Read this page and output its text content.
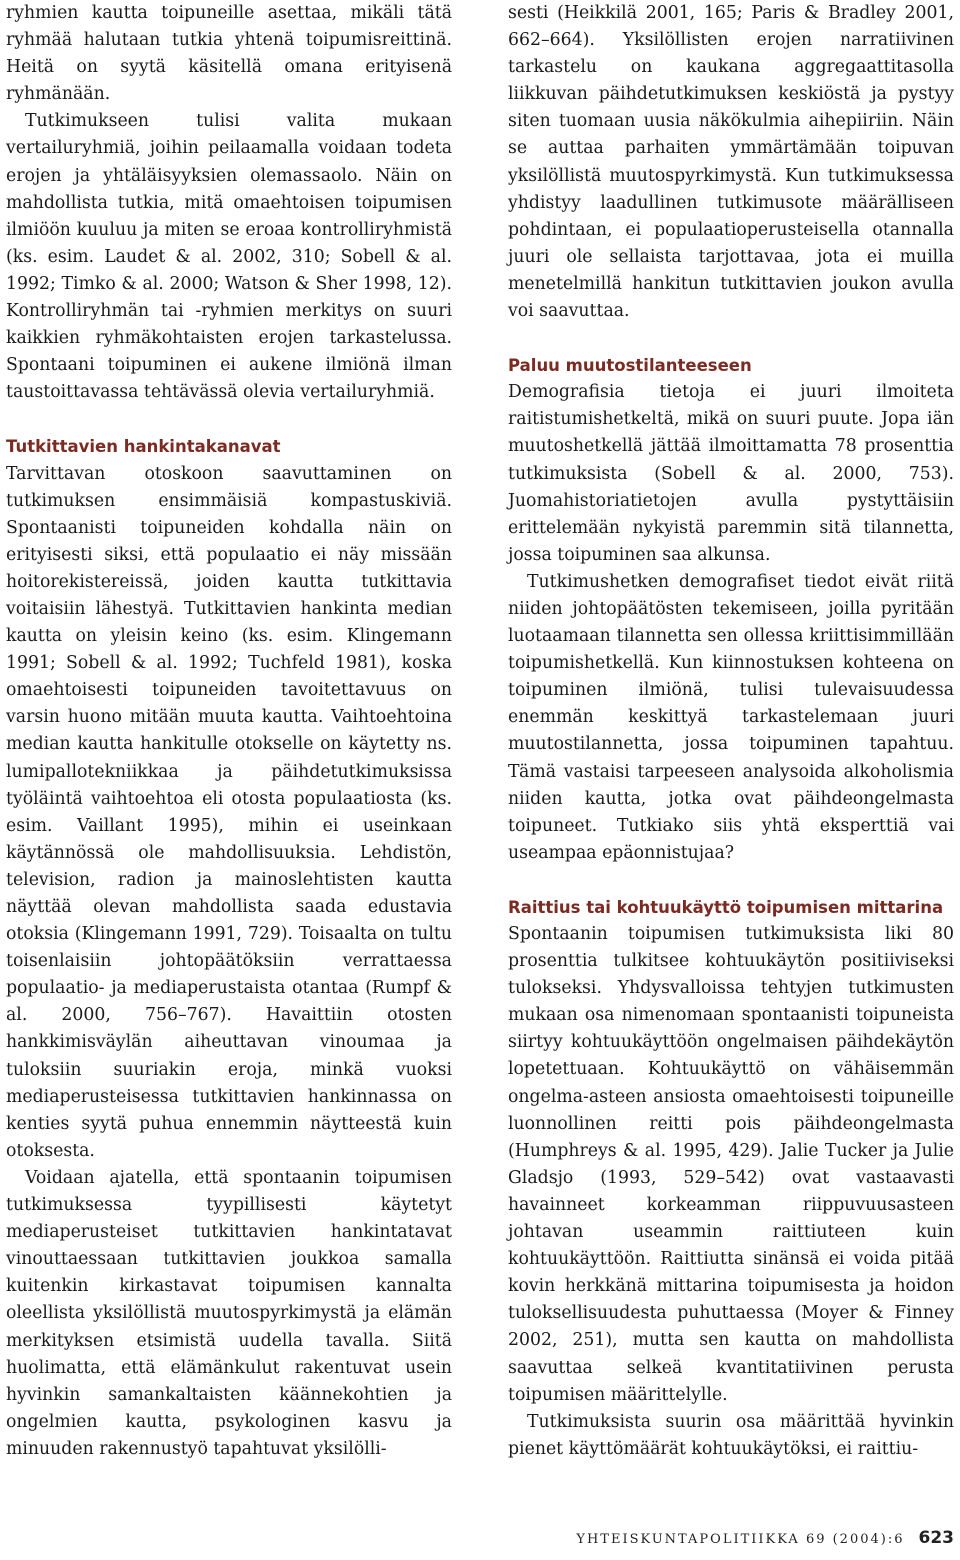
ryhmien kautta toipuneille asettaa, mikäli tätä ryhmää halutaan tutkia yhtenä toipumisreittinä. Heitä on syytä käsitellä omana erityisenä ryhmänään.

Tutkimukseen tulisi valita mukaan vertailuryhmiä, joihin peilaamalla voidaan todeta erojen ja yhtäläisyyksien olemassaolo. Näin on mahdollista tutkia, mitä omaehtoisen toipumisen ilmiöön kuuluu ja miten se eroaa kontrolliryhmistä (ks. esim. Laudet & al. 2002, 310; Sobell & al. 1992; Timko & al. 2000; Watson & Sher 1998, 12). Kontrolliryhmän tai -ryhmien merkitys on suuri kaikkien ryhmäkohtaisten erojen tarkastelussa. Spontaani toipuminen ei aukene ilmiönä ilman taustoittavassa tehtävässä olevia vertailuryhmiä.

Tutkittavien hankintakanavat

Tarvittavan otoskoon saavuttaminen on tutkimuksen ensimmäisiä kompastuskiviä. Spontaanisti toipuneiden kohdalla näin on erityisesti siksi, että populaatio ei näy missään hoitorekistereissä, joiden kautta tutkittavia voitaisiin lähestyä. Tutkittavien hankinta median kautta on yleisin keino (ks. esim. Klingemann 1991; Sobell & al. 1992; Tuchfeld 1981), koska omaehtoisesti toipuneiden tavoitettavuus on varsin huono mitään muuta kautta. Vaihtoehtoina median kautta hankitulle otokselle on käytetty ns. lumipallotekniikkaa ja päihdetutkimuksissa työläintä vaihtoehtoa eli otosta populaatiosta (ks. esim. Vaillant 1995), mihin ei useinkaan käytännössä ole mahdollisuuksia. Lehdistön, television, radion ja mainoslehtisten kautta näyttää olevan mahdollista saada edustavia otoksia (Klingemann 1991, 729). Toisaalta on tultu toisenlaisiin johtopäätöksiin verrattaessa populaatio- ja mediaperustaista otantaa (Rumpf & al. 2000, 756–767). Havaittiin otosten hankkimisväylän aiheuttavan vinoumaa ja tuloksiin suuriakin eroja, minkä vuoksi mediaperusteisessa tutkittavien hankinnassa on kenties syytä puhua ennemmin näytteestä kuin otoksesta.

Voidaan ajatella, että spontaanin toipumisen tutkimuksessa tyypillisesti käytetyt mediaperusteiset tutkittavien hankintatavat vinouttaessaan tutkittavien joukkoa samalla kuitenkin kirkastavat toipumisen kannalta oleellista yksilöllistä muutospyrkimystä ja elämän merkityksen etsimistä uudella tavalla. Siitä huolimatta, että elämänkulut rakentuvat usein hyvinkin samankaltaisten käännekohtien ja ongelmien kautta, psykologinen kasvu ja minuuden rakennustyö tapahtuvat yksilölli-

sesti (Heikkilä 2001, 165; Paris & Bradley 2001, 662–664). Yksilöllisten erojen narratiivinen tarkastelu on kaukana aggregaattitasolla liikkuvan päihdetutkimuksen keskiöstä ja pystyy siten tuomaan uusia näkökulmia aihepiiriin. Näin se auttaa parhaiten ymmärtämään toipuvan yksilöllistä muutospyrkimystä. Kun tutkimuksessa yhdistyy laadullinen tutkimusote määrälliseen pohdintaan, ei populaatioperusteisella otannalla juuri ole sellaista tarjottavaa, jota ei muilla menetelmillä hankitun tutkittavien joukon avulla voi saavuttaa.

Paluu muutostilanteeseen

Demografisia tietoja ei juuri ilmoiteta raitistumishetkeltä, mikä on suuri puute. Jopa iän muutoshetkellä jättää ilmoittamatta 78 prosenttia tutkimuksista (Sobell & al. 2000, 753). Juomahistoriatietojen avulla pystyttäisiin erittelemään nykyistä paremmin sitä tilannetta, jossa toipuminen saa alkunsa.

Tutkimushetken demografiset tiedot eivät riitä niiden johtopäätösten tekemiseen, joilla pyritään luotaamaan tilannetta sen ollessa kriittisimmillään toipumishetkellä. Kun kiinnostuksen kohteena on toipuminen ilmiönä, tulisi tulevaisuudessa enemmän keskittyä tarkastelemaan juuri muutostilannetta, jossa toipuminen tapahtuu. Tämä vastaisi tarpeeseen analysoida alkoholismia niiden kautta, jotka ovat päihdeongelmasta toipuneet. Tutkiako siis yhtä eksperttiä vai useampaa epäonnistujaa?

Raittius tai kohtuukäyttö toipumisen mittarina

Spontaanin toipumisen tutkimuksista liki 80 prosenttia tulkitsee kohtuukäytön positiiviseksi tulokseksi. Yhdysvalloissa tehtyjen tutkimusten mukaan osa nimenomaan spontaanisti toipuneista siirtyy kohtuukäyttöön ongelmaisen päihdekäytön lopetettuaan. Kohtuukäyttö on vähäisemmän ongelma-asteen ansiosta omaehtoisesti toipuneille luonnollinen reitti pois päihdeongelmasta (Humphreys & al. 1995, 429). Jalie Tucker ja Julie Gladsjo (1993, 529–542) ovat vastaavasti havainneet korkeamman riippuvuusasteen johtavan useammin raittiuteen kuin kohtuukäyttöön. Raittiutta sinänsä ei voida pitää kovin herkkänä mittarina toipumisesta ja hoidon tuloksellisuudesta puhuttaessa (Moyer & Finney 2002, 251), mutta sen kautta on mahdollista saavuttaa selkeä kvantitatiivinen perusta toipumisen määrittelylle.

Tutkimuksista suurin osa määrittää hyvinkin pienet käyttömäärät kohtuukäytöksi, ei raittiu-

YHTEISKUNTAPOLITIIKKA 69 (2004):6 623
